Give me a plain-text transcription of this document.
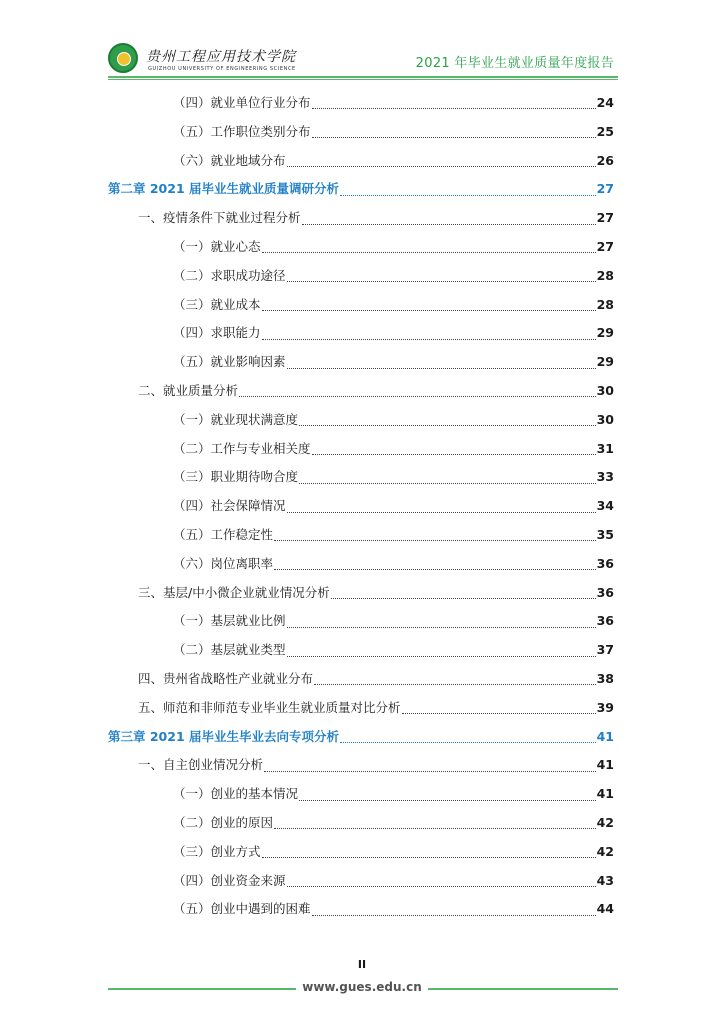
贵州工程应用技术学院
GUIZHOU UNIVERSITY OF ENGINEERING SCIENCE	2021 年毕业生就业质量年度报告
（四）就业单位行业分布	24
（五）工作职位类别分布	25
（六）就业地域分布	26
第二章 2021 届毕业生就业质量调研分析	27
一、疫情条件下就业过程分析	27
（一）就业心态	27
（二）求职成功途径	28
（三）就业成本	28
（四）求职能力	29
（五）就业影响因素	29
二、就业质量分析	30
（一）就业现状满意度	30
（二）工作与专业相关度	31
（三）职业期待吻合度	33
（四）社会保障情况	34
（五）工作稳定性	35
（六）岗位离职率	36
三、基层/中小微企业就业情况分析	36
（一）基层就业比例	36
（二）基层就业类型	37
四、贵州省战略性产业就业分布	38
五、师范和非师范专业毕业生就业质量对比分析	39
第三章 2021 届毕业生毕业去向专项分析	41
一、自主创业情况分析	41
（一）创业的基本情况	41
（二）创业的原因	42
（三）创业方式	42
（四）创业资金来源	43
（五）创业中遇到的困难	44
II
www.gues.edu.cn
